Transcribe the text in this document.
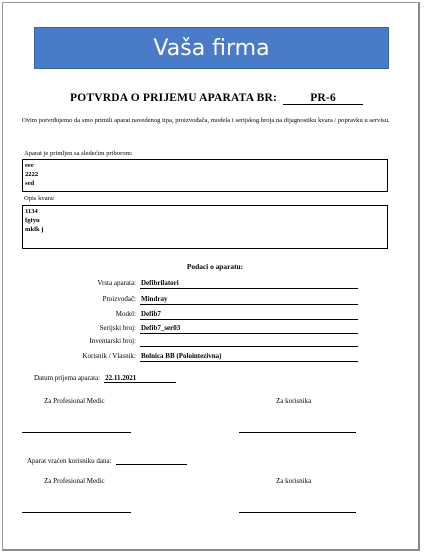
Vaša firma
POTVRDA O PRIJEMU APARATA BR:	PR-6
Ovim potvrđujemo da smo primili aparat navedenog tipa, proizvođača, modela i serijskog broja na dijagnostiku kvara / popravku u servisu.
Aparat je primljen sa sledećim priborom:
eee
2222
sed
Opis kvara:
1134
fgtyu
mklk j
Podaci o aparatu:
Vrsta aparata: Defibrilatori
Proizvođač: Mindray
Model: Defib7
Serijski broj: Defib7_ser03
Inventarski broj:
Korisnik / Vlasnik: Bolnica BB (Polointezivna)
Datum prijema aparata: 22.11.2021
Za Profesional Medic	Za korisnika
Aparat vraćen korisniku dana:
Za Profesional Medic	Za korisnika
